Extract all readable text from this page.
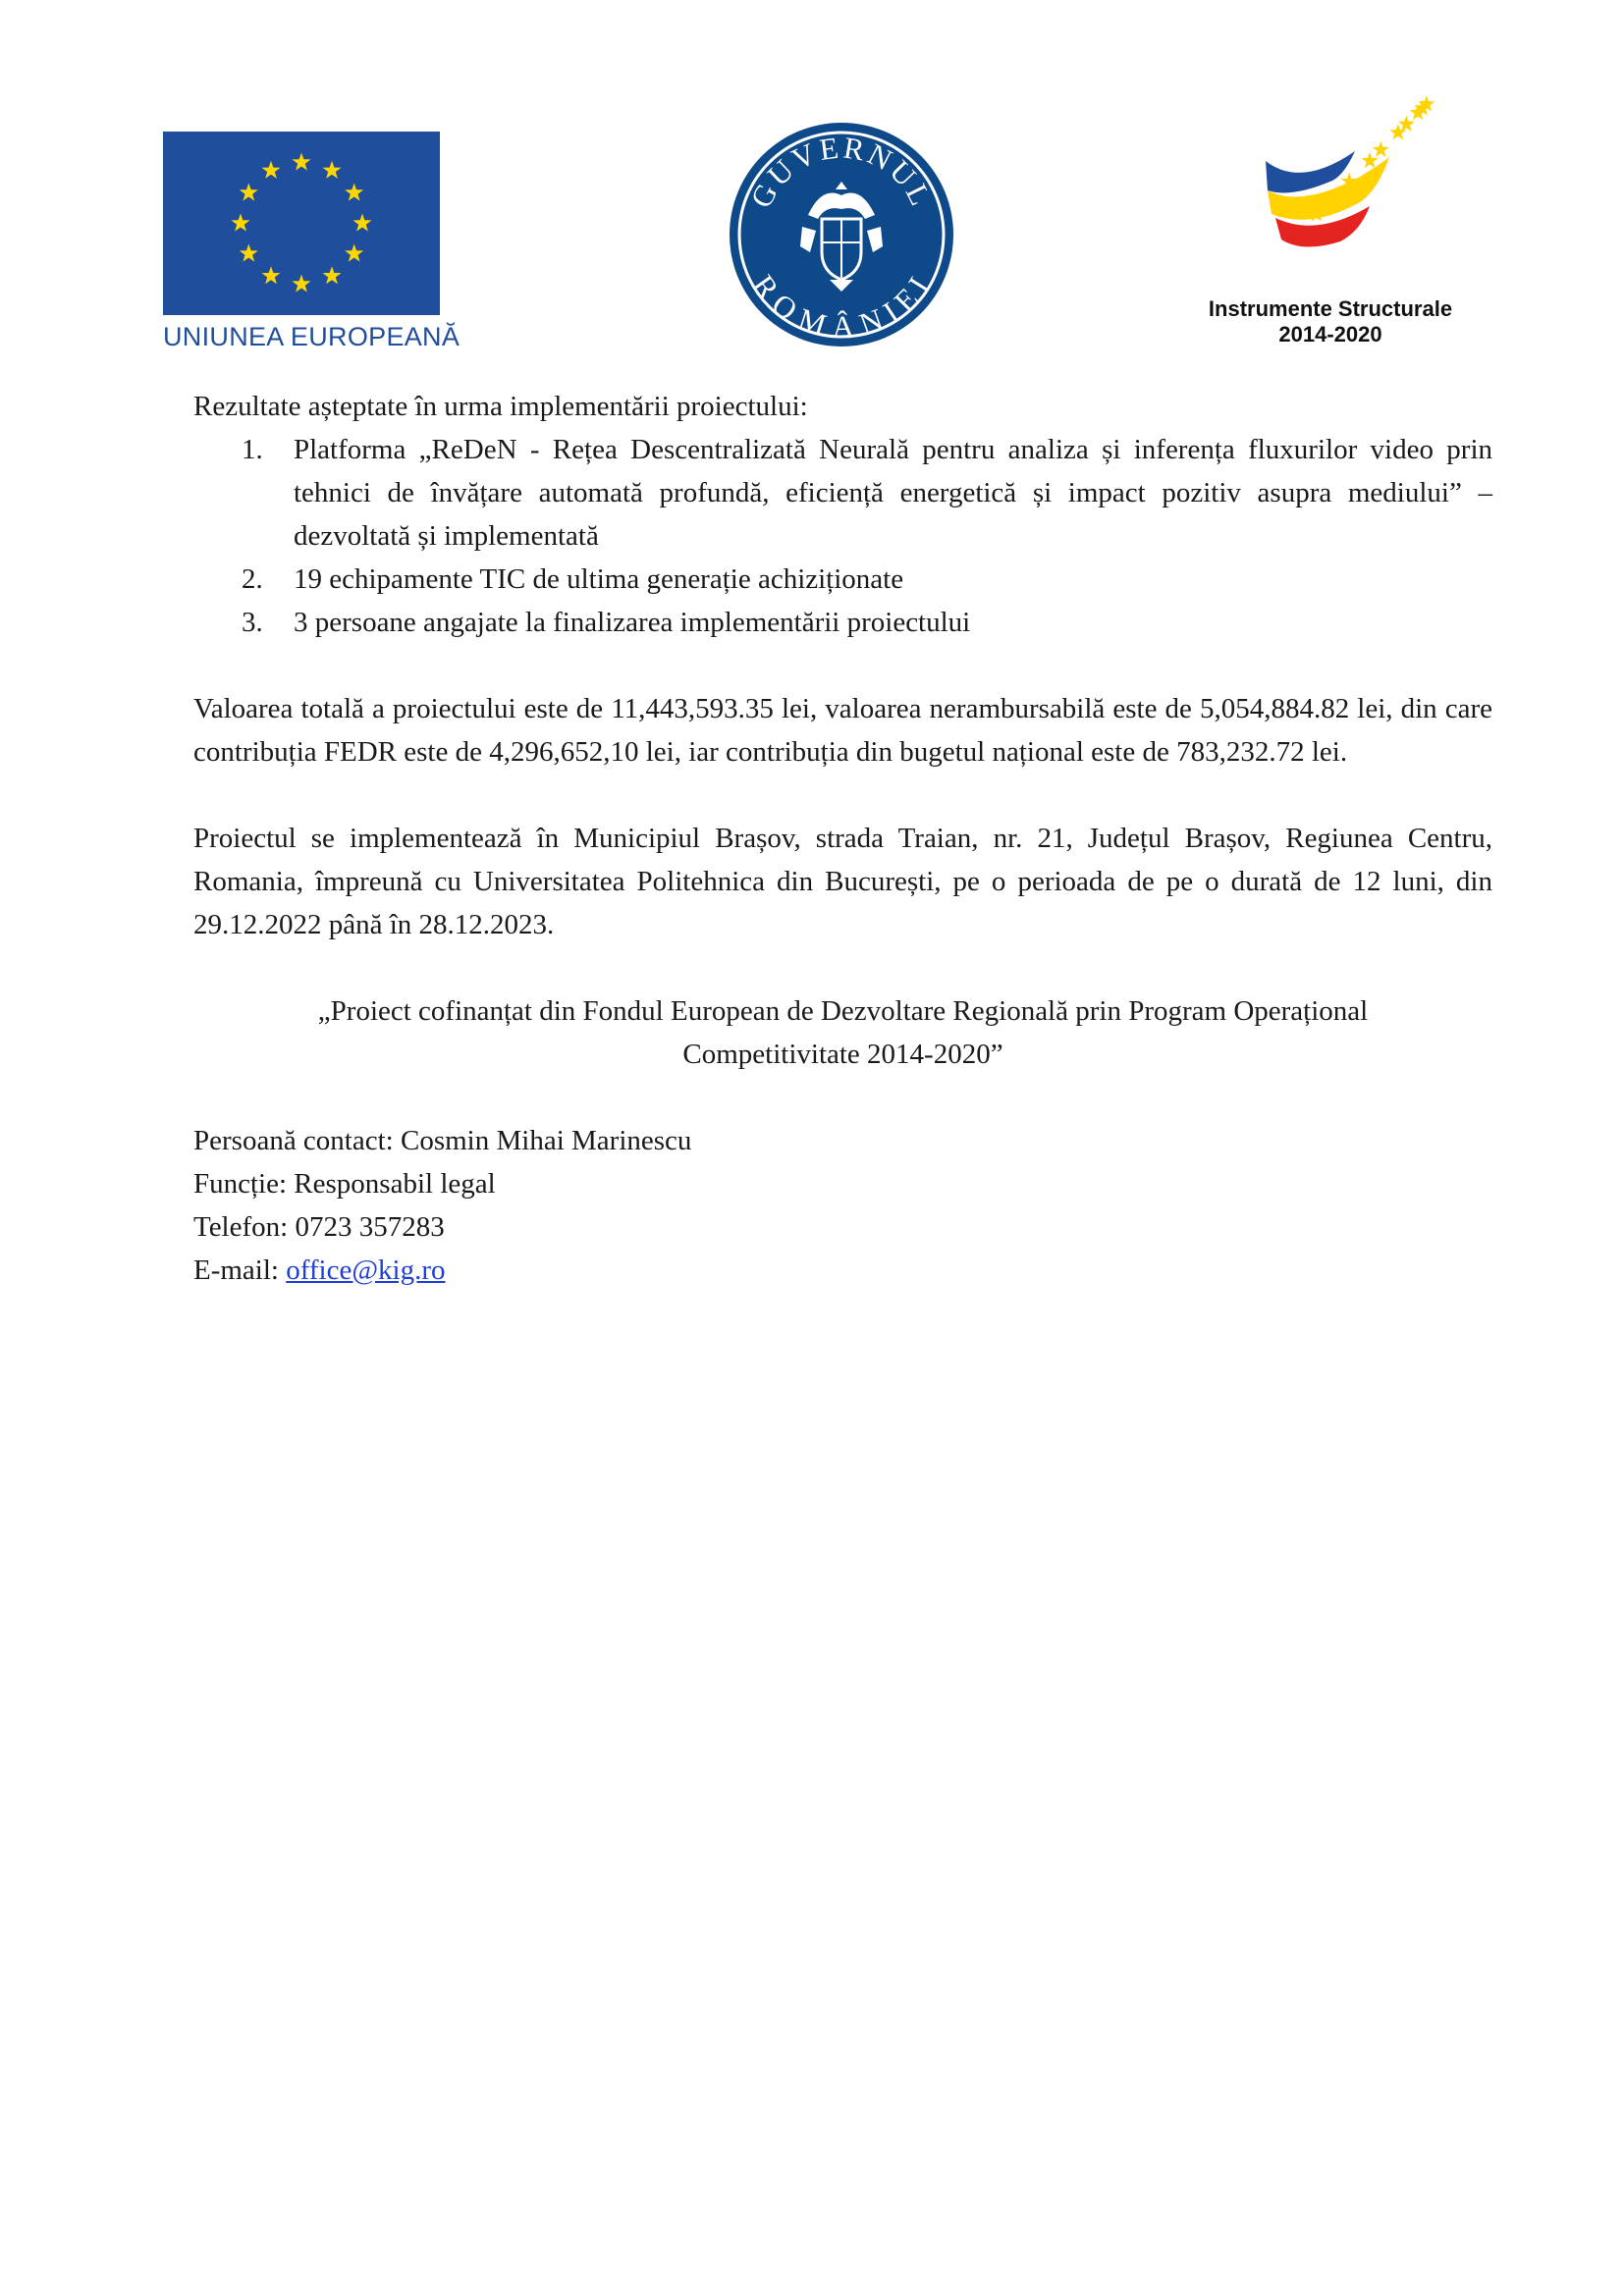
UNIUNEA EUROPEANĂ
GUVERNUL
ROMÂNIEI
Instrumente Structurale
2014-2020

Rezultate așteptate în urma implementării proiectului:

1. Platforma „ReDeN - Rețea Descentralizată Neurală pentru analiza și inferența fluxurilor video prin tehnici de învățare automată profundă, eficiență energetică și impact pozitiv asupra mediului” – dezvoltată și implementată
2. 19 echipamente TIC de ultima generație achiziționate
3. 3 persoane angajate la finalizarea implementării proiectului

Valoarea totală a proiectului este de 11,443,593.35 lei, valoarea nerambursabilă este de 5,054,884.82 lei, din care contribuția FEDR este de 4,296,652,10 lei, iar contribuția din bugetul național este de 783,232.72 lei.

Proiectul se implementează în Municipiul Brașov, strada Traian, nr. 21, Județul Brașov, Regiunea Centru, Romania, împreună cu Universitatea Politehnica din București, pe o perioada de pe o durată de 12 luni, din 29.12.2022 până în 28.12.2023.

„Proiect cofinanțat din Fondul European de Dezvoltare Regională prin Program Operațional
Competitivitate 2014-2020”

Persoană contact: Cosmin Mihai Marinescu
Funcție: Responsabil legal
Telefon: 0723 357283
E-mail: office@kig.ro
